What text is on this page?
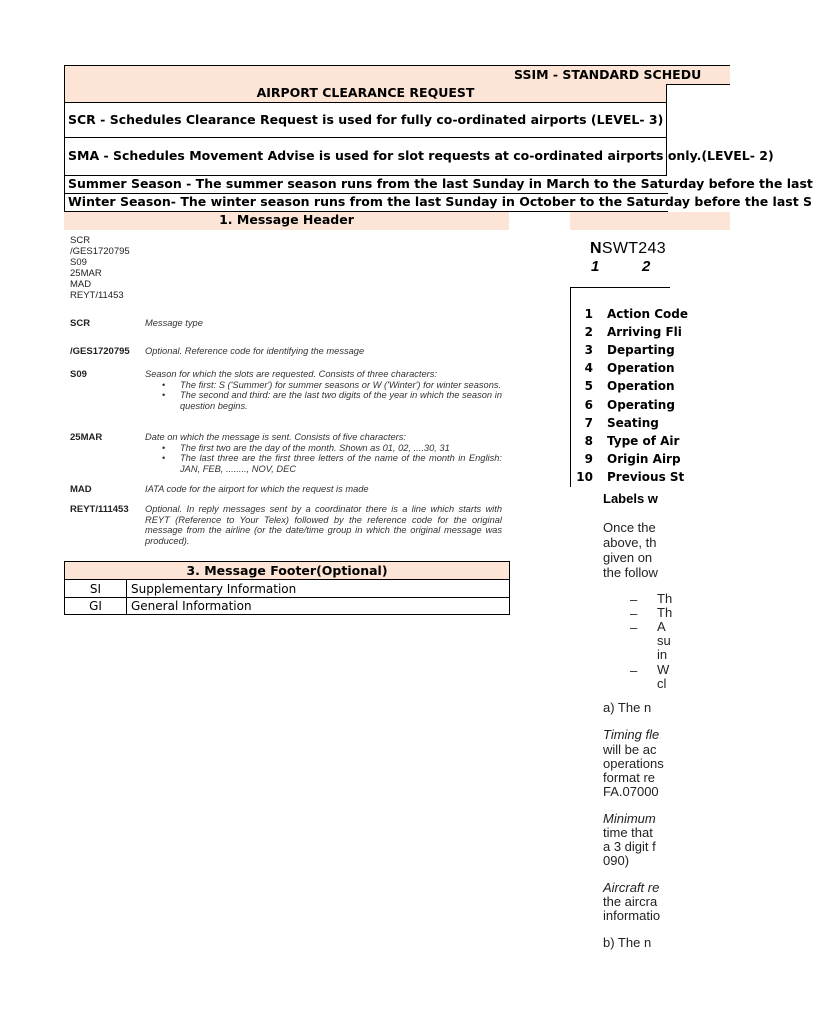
SSIM - STANDARD SCHEDU
AIRPORT CLEARANCE REQUEST
SCR - Schedules Clearance Request is used for fully co-ordinated airports (LEVEL- 3)
SMA - Schedules Movement Advise is used for slot requests at co-ordinated airports only.(LEVEL- 2)
Summer Season - The summer season runs from the last Sunday in March to the Saturday before the last
Winter Season- The winter season runs from the last Sunday in October to the Saturday before the last S
1. Message Header
SCR
/GES1720795
S09
25MAR
MAD
REYT/11453
SCR	Message type
/GES1720795 Optional. Reference code for identifying the message
S09	Season for which the slots are requested. Consists of three characters:
• The first: S ('Summer') for summer seasons or W ('Winter') for winter seasons.
• The second and third: are the last two digits of the year in which the season in question begins.
25MAR	Date on which the message is sent. Consists of five characters:
• The first two are the day of the month. Shown as 01, 02, ....30, 31
• The last three are the first three letters of the name of the month in English: JAN, FEB, ........, NOV, DEC
MAD	IATA code for the airport for which the request is made
REYT/111453 Optional. In reply messages sent by a coordinator there is a line which starts with REYT (Reference to Your Telex) followed by the reference code for the original message from the airline (or the date/time group in which the original message was produced).
3. Message Footer(Optional)
SI	Supplementary Information
GI	General Information
NSWT243
1	2
1 Action Code
2 Arriving Fli
3 Departing
4 Operation
5 Operation
6 Operating
7 Seating
8 Type of Air
9 Origin Airp
10 Previous St
Labels w
Once the
above, th
given on
the follow
– Th
– Th
– A
su
in
– W
cl
a) The n
Timing fle
will be ac
operations
format re
FA.07000
Minimum
time that
a 3 digit f
090)
Aircraft re
the aircra
informatio
b) The n
